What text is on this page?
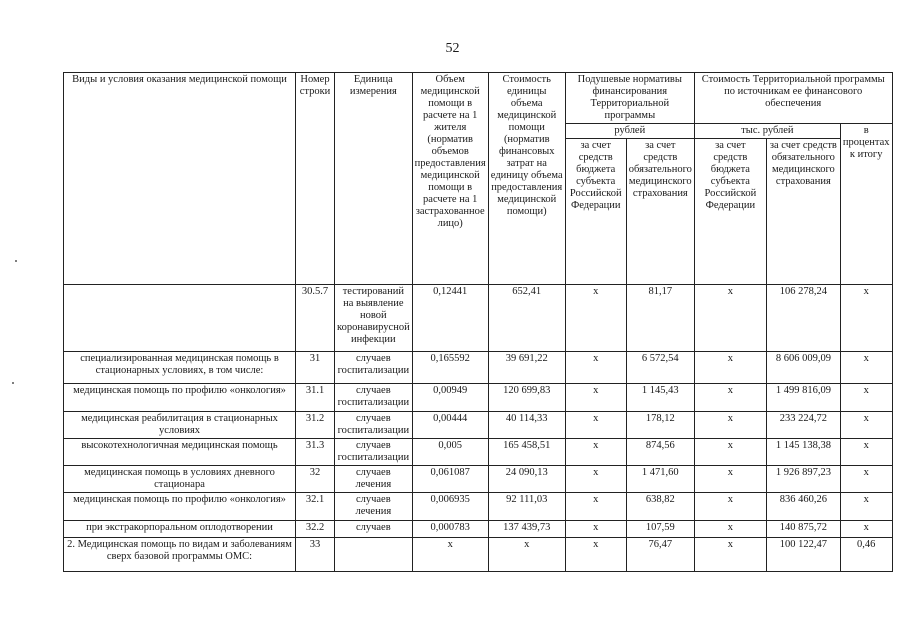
52
Виды и условия оказания медицинской помощи	Номер строки	Единица измерения	Объем медицинской помощи в расчете на 1 жителя (норматив объемов предоставления медицинской помощи в расчете на 1 застрахованное лицо)	Стоимость единицы объема медицинской помощи (норматив финансовых затрат на единицу объема предоставления медицинской помощи)	Подушевые нормативы финансирования Территориальной программы		Стоимость Территориальной программы по источникам ее финансового обеспечения		
					рублей		тыс. рублей		в процентах к итогу
					за счет средств бюджета субъекта Российской Федерации	за счет средств обязательного медицинского страхования	за счет средств бюджета субъекта Российской Федерации	за счет средств обязательного медицинского страхования	
	30.5.7	тестирований на выявление новой коронавирусной инфекции	0,12441	652,41	х	81,17	х	106 278,24	х
специализированная медицинская помощь в стационарных условиях, в том числе:	31	случаев госпитализации	0,165592	39 691,22	х	6 572,54	х	8 606 009,09	х
медицинская помощь по профилю «онкология»	31.1	случаев госпитализации	0,00949	120 699,83	х	1 145,43	х	1 499 816,09	х
медицинская реабилитация в стационарных условиях	31.2	случаев госпитализации	0,00444	40 114,33	х	178,12	х	233 224,72	х
высокотехнологичная медицинская помощь	31.3	случаев госпитализации	0,005	165 458,51	х	874,56	х	1 145 138,38	х
медицинская помощь в условиях дневного стационара	32	случаев лечения	0,061087	24 090,13	х	1 471,60	х	1 926 897,23	х
медицинская помощь по профилю «онкология»	32.1	случаев лечения	0,006935	92 111,03	х	638,82	х	836 460,26	х
при экстракорпоральном оплодотворении	32.2	случаев	0,000783	137 439,73	х	107,59	х	140 875,72	х
2. Медицинская помощь по видам и заболеваниям сверх базовой программы ОМС:	33		х	х	х	76,47	х	100 122,47	0,46
